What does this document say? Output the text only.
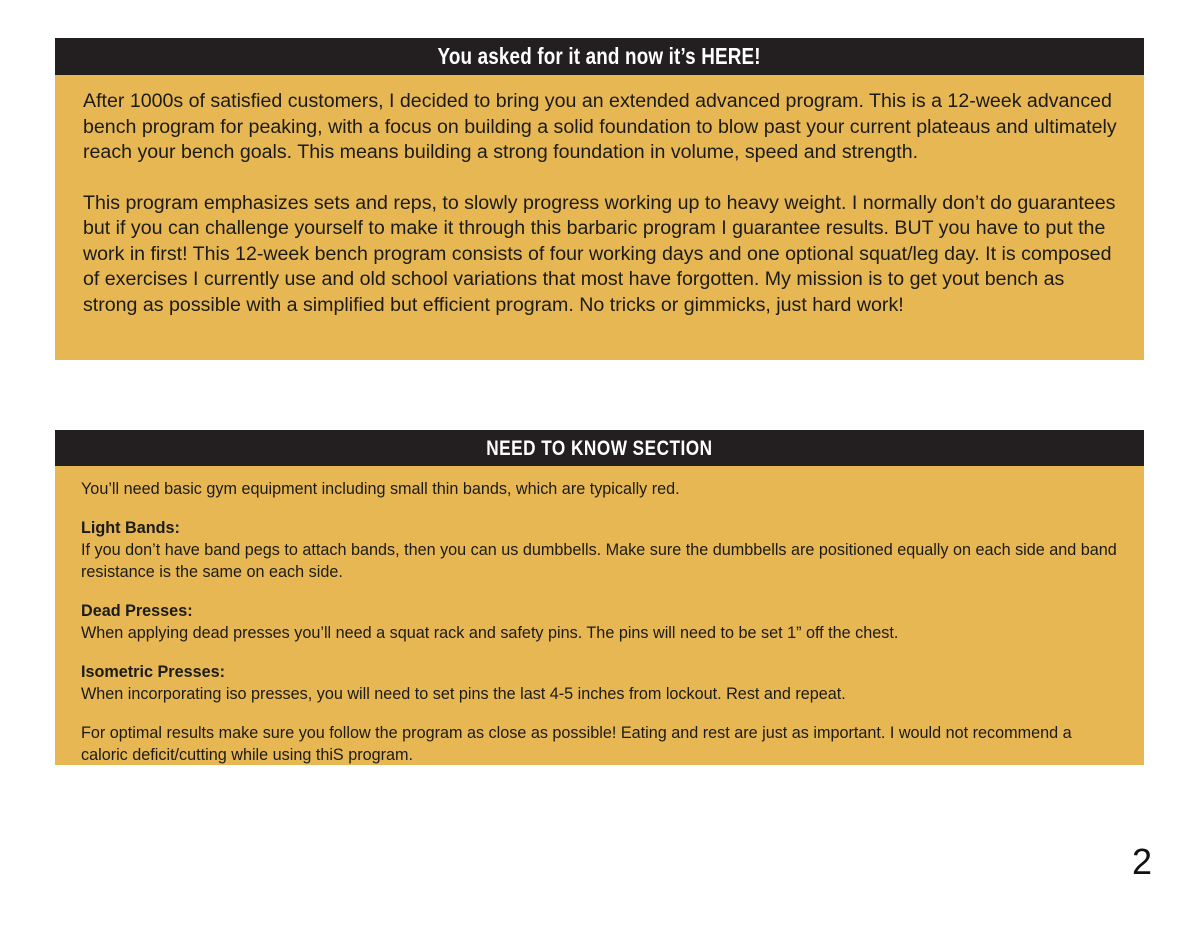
You asked for it and now it’s HERE!

After 1000s of satisfied customers, I decided to bring you an extended advanced program. This is a 12-week advanced bench program for peaking, with a focus on building a solid foundation to blow past your current plateaus and ultimately reach your bench goals. This means building a strong foundation in volume, speed and strength.

This program emphasizes sets and reps, to slowly progress working up to heavy weight. I normally don’t do guarantees but if you can challenge yourself to make it through this barbaric program I guarantee results. BUT you have to put the work in first! This 12-week bench program consists of four working days and one optional squat/leg day. It is composed of exercises I currently use and old school variations that most have forgotten. My mission is to get yout bench as strong as possible with a simplified but efficient program. No tricks or gimmicks, just hard work!

NEED TO KNOW SECTION

You’ll need basic gym equipment including small thin bands, which are typically red.

Light Bands:
If you don’t have band pegs to attach bands, then you can us dumbbells. Make sure the dumbbells are positioned equally on each side and band resistance is the same on each side.

Dead Presses:
When applying dead presses you’ll need a squat rack and safety pins. The pins will need to be set 1” off the chest.

Isometric Presses:
When incorporating iso presses, you will need to set pins the last 4-5 inches from lockout. Rest and repeat.

For optimal results make sure you follow the program as close as possible! Eating and rest are just as important. I would not recommend a caloric deficit/cutting while using thiS program.

2
